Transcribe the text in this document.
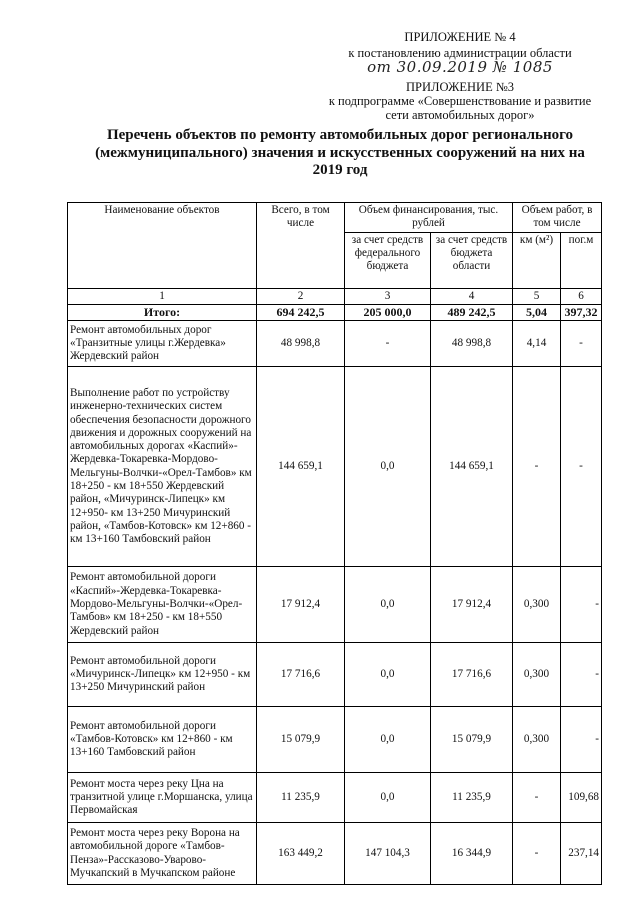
ПРИЛОЖЕНИЕ № 4
к постановлению администрации области
от 30.09.2019 № 1085
ПРИЛОЖЕНИЕ №3
к подпрограмме «Совершенствование и развитие
сети автомобильных дорог»
Перечень объектов по ремонту автомобильных дорог регионального (межмуниципального) значения и искусственных сооружений на них на 2019 год
Наименование объектов	Всего, в том числе	Объем финансирования, тыс. рублей		Объем работ, в том числе	
		за счет средств федерального бюджета	за счет средств бюджета области	км (м²)	пог.м
1	2	3	4	5	6
Итого:	694 242,5	205 000,0	489 242,5	5,04	397,32
Ремонт автомобильных дорог «Транзитные улицы г.Жердевка» Жердевский район	48 998,8	-	48 998,8	4,14	-
Выполнение работ по устройству инженерно-технических систем обеспечения безопасности дорожного движения и дорожных сооружений на автомобильных дорогах «Каспий»-Жердевка-Токаревка-Мордово-Мельгуны-Волчки-«Орел-Тамбов» км 18+250 - км 18+550 Жердевский район, «Мичуринск-Липецк» км 12+950- км 13+250 Мичуринский район, «Тамбов-Котовск» км 12+860 - км 13+160 Тамбовский район	144 659,1	0,0	144 659,1	-	-
Ремонт автомобильной дороги «Каспий»-Жердевка-Токаревка-Мордово-Мельгуны-Волчки-«Орел-Тамбов» км 18+250 - км 18+550 Жердевский район	17 912,4	0,0	17 912,4	0,300	-
Ремонт автомобильной дороги «Мичуринск-Липецк» км 12+950 - км 13+250 Мичуринский район	17 716,6	0,0	17 716,6	0,300	-
Ремонт автомобильной дороги «Тамбов-Котовск» км 12+860 - км 13+160 Тамбовский район	15 079,9	0,0	15 079,9	0,300	-
Ремонт моста через реку Цна на транзитной улице г.Моршанска, улица Первомайская	11 235,9	0,0	11 235,9	-	109,68
Ремонт моста через реку Ворона на автомобильной дороге «Тамбов-Пенза»-Рассказово-Уварово-Мучкапский в Мучкапском районе	163 449,2	147 104,3	16 344,9	-	237,14
